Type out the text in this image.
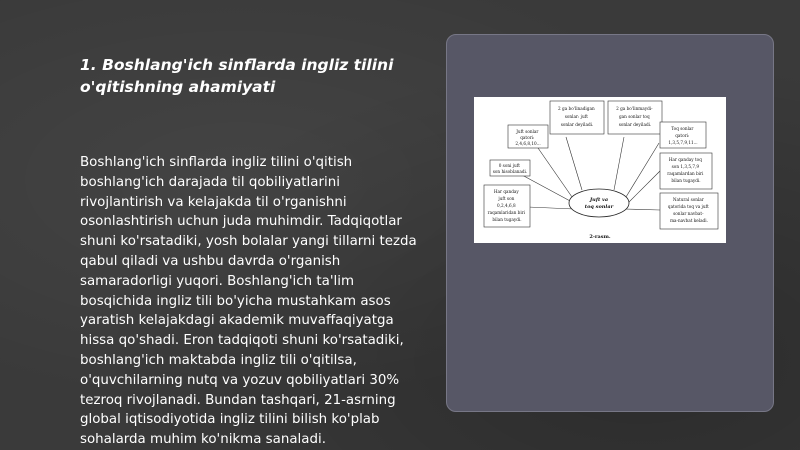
1. Boshlang'ich sinflarda ingliz tilini o'qitishning ahamiyati
Boshlang'ich sinflarda ingliz tilini o'qitish boshlang'ich darajada til qobiliyatlarini rivojlantirish va kelajakda til o'rganishni osonlashtirish uchun juda muhimdir. Tadqiqotlar shuni ko'rsatadiki, yosh bolalar yangi tillarni tezda qabul qiladi va ushbu davrda o'rganish samaradorligi yuqori. Boshlang'ich ta'lim bosqichida ingliz tili bo'yicha mustahkam asos yaratish kelajakdagi akademik muvaffaqiyatga hissa qo'shadi. Eron tadqiqoti shuni ko'rsatadiki, boshlang'ich maktabda ingliz tili o'qitilsa, o'quvchilarning nutq va yozuv qobiliyatlari 30% tezroq rivojlanadi. Bundan tashqari, 21-asrning global iqtisodiyotida ingliz tilini bilish ko'plab sohalarda muhim ko'nikma sanaladi.
Juft va
toq sonlar
2 ga bo'linadigan sonlar: juft sonlar deyiladi.
2 ga bo'linmaydi- gan sonlar toq sonlar deyiladi.
Juft sonlar qatori: 2,4,6,8,10...
0 soni juft son hisoblanadi.
Har qanday juft son 0,2,4,6,8 raqamlaridan biri bilan tugaydi.
Toq sonlar qatori: 1,3,5,7,9,11...
Har qanday toq son 1,3,5,7,9 raqamlardan biri bilan tugaydi.
Natural sonlar qatorida toq va juft sonlar navbat- ma-navbat keladi.
2-rasm.
